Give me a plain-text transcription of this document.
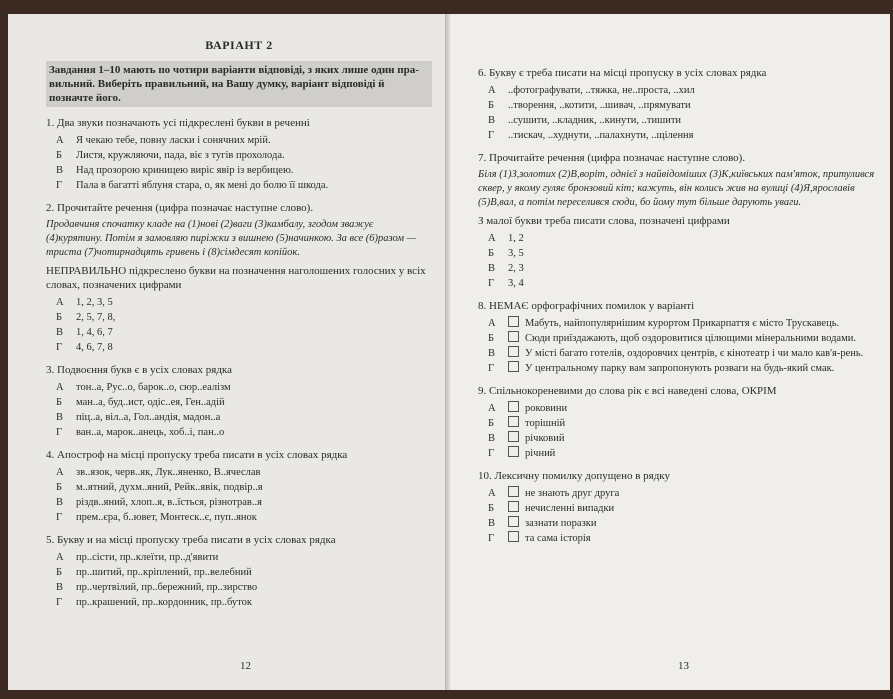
ВАРІАНТ 2
Завдання 1–10 мають по чотири варіанти відповіді, з яких лише один пра-вильний. Виберіть правильний, на Вашу думку, варіант відповіді й позначте його.
1. Два звуки позначають усі підкреслені букви в реченні
А	Я чекаю тебе, повну ласки і сонячних мрій.
Б	Листя, кружляючи, пада, віє з тугів прохолода.
В	Над прозорою криницею виріс явір із вербицею.
Г	Пала в багатті яблуня стара, о, як мені до болю її шкода.
2. Прочитайте речення (цифра позначає наступне слово).
Продавчиня спочатку кладе на (1)нові (2)ваги (3)камбалу, згодом зважує (4)курятину. Потім я замовляю пиріжки з вишнею (5)начинкою. За все (6)разом — триста (7)чотирнадцять гривень і (8)сімдесят копійок.
НЕПРАВИЛЬНО підкреслено букви на позначення наголошених голосних у всіх словах, позначених цифрами
А	1, 2, 3, 5
Б	2, 5, 7, 8,
В	1, 4, 6, 7
Г	4, 6, 7, 8
3. Подвоєння букв є в усіх словах рядка
А	тон..а, Рус..о, барок..о, сюр..еалізм
Б	ман..а, буд..ист, одіс..ея, Ген..адій
В	піц..а, віл..а, Гол..андія, мадон..а
Г	ван..а, марок..анець, хоб..і, пан..о
4. Апостроф на місці пропуску треба писати в усіх словах рядка
А	зв..язок, черв..як, Лук..яненко, В..ячеслав
Б	м..ятний, духм..яний, Рейк..явік, подвір..я
В	різдв..яний, хлоп..я, в..їсться, різнотрав..я
Г	прем..єра, б..ювет, Монтеск..є, пуп..янок
5. Букву и на місці пропуску треба писати в усіх словах рядка
А	пр..сісти, пр..клеїти, пр..д'явити
Б	пр..шитий, пр..кріплений, пр..велебний
В	пр..чертвілий, пр..бережний, пр..зирство
Г	пр..крашений, пр..кордонник, пр..буток
12
6. Букву є треба писати на місці пропуску в усіх словах рядка
А	..фотографувати, ..тяжка, не..проста, ..хил
Б	..творення, ..котити, ..шивач, ..прямувати
В	..сушити, ..кладник, ..кинути, ..тишити
Г	..тискач, ..худнути, ..палахнути, ..щілення
7. Прочитайте речення (цифра позначає наступне слово).
Біля (1)З,золотих (2)В,воріт, однієї з найвідоміших (3)К,київських пам'яток, притулився сквер, у якому гуляє бронзовий кіт; кажуть, він колись жив на вулиці (4)Я,ярославів (5)В,вал, а потім переселився сюди, бо йому тут більше дарують уваги.
З малої букви треба писати слова, позначені цифрами
А	1, 2
Б	3, 5
В	2, 3
Г	3, 4
8. НЕМАЄ орфографічних помилок у варіанті
А	Мабуть, найпопулярнішим курортом Прикарпаття є місто Трускавець.
Б	Сюди приїздажають, щоб оздоровитися цілющими мінеральними водами.
В	У місті багато готелів, оздоровчих центрів, є кінотеатр і чи мало кав'я-рень.
Г	У центральному парку вам запропонують розваги на будь-який смак.
9. Спільнокореневими до слова рік є всі наведені слова, ОКРІМ
А	роковини
Б	торішній
В	річковий
Г	річний
10. Лексичну помилку допущено в рядку
А	не знають друг друга
Б	нечисленні випадки
В	зазнати поразки
Г	та сама історія
13
